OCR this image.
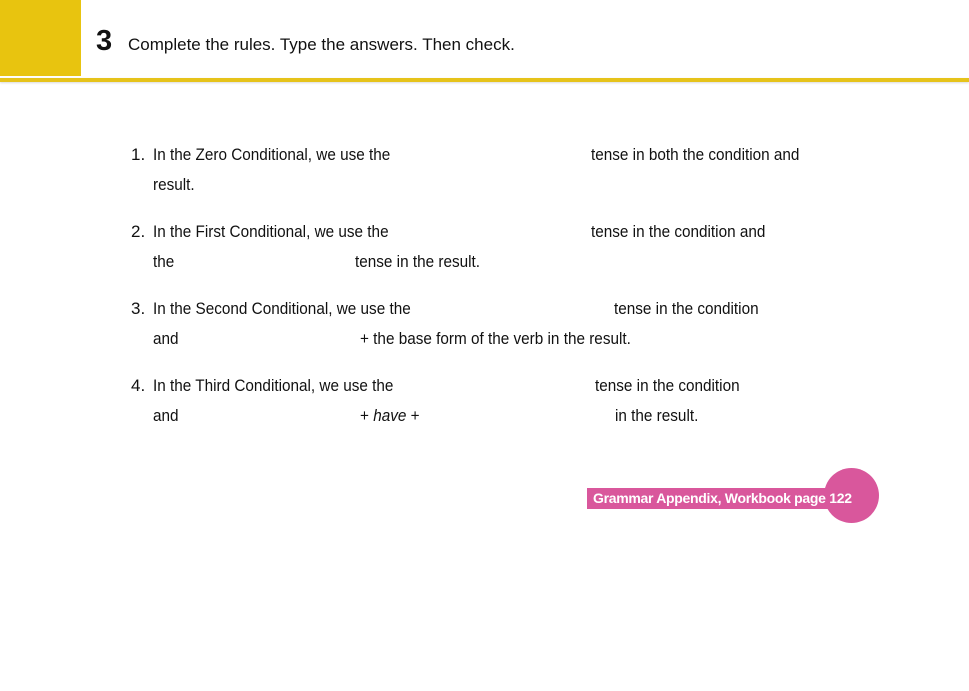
3 Complete the rules. Type the answers. Then check.
1. In the Zero Conditional, we use the	tense in both the condition and
result.
2. In the First Conditional, we use the	tense in the condition and
the	tense in the result.
3. In the Second Conditional, we use the	tense in the condition
and	+ the base form of the verb in the result.
4. In the Third Conditional, we use the	tense in the condition
and	+ have +	in the result.
Grammar Appendix, Workbook page 122
